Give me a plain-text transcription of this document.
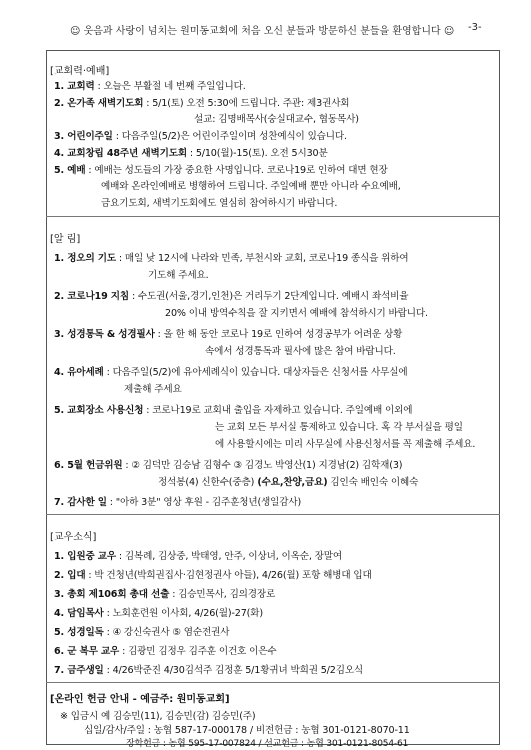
☺ 웃음과 사랑이 넘치는 원미동교회에 처음 오신 분들과 방문하신 분들을 환영합니다 ☺ -3-
[교회력·예배]
1. 교회력 : 오늘은 부활절 네 번째 주일입니다.
2. 온가족 새벽기도회 : 5/1(토) 오전 5:30에 드립니다. 주관: 제3권사회
설교: 김명배목사(숭실대교수, 협동목사)
3. 어린이주일 : 다음주일(5/2)은 어린이주일이며 성찬예식이 있습니다.
4. 교회창립 48주년 새벽기도회 : 5/10(월)-15(토). 오전 5시30분
5. 예배 : 예배는 성도들의 가장 중요한 사명입니다. 코로나19로 인하여 대면 현장
예배와 온라인예배로 병행하여 드립니다. 주일예배 뿐만 아니라 수요예배,
금요기도회, 새벽기도회에도 열심히 참여하시기 바랍니다.
[알 림]
1. 정오의 기도 : 매일 낮 12시에 나라와 민족, 부천시와 교회, 코로나19 종식을 위하여
기도해 주세요.
2. 코로나19 지침 : 수도권(서울,경기,인천)은 거리두기 2단계입니다. 예배시 좌석비율
20% 이내 방역수칙을 잘 지키면서 예배에 참석하시기 바랍니다.
3. 성경통독 & 성경필사 : 올 한 해 동안 코로나 19로 인하여 성경공부가 어려운 상황
속에서 성경통독과 필사에 많은 참여 바랍니다.
4. 유아세례 : 다음주일(5/2)에 유아세례식이 있습니다. 대상자들은 신청서를 사무실에
제출해 주세요
5. 교회장소 사용신청 : 코로나19로 교회내 출입을 자제하고 있습니다. 주일예배 이외에
는 교회 모든 부서실 통제하고 있습니다. 혹 각 부서실을 평일
에 사용할시에는 미리 사무실에 사용신청서를 꼭 제출해 주세요.
6. 5월 헌금위원 : ② 김덕만 김승남 김형수 ③ 김경노 박영산(1) 지경남(2) 김학재(3)
정석봉(4) 신한수(중층) (수요,찬양,금요) 김인숙 배인숙 이혜숙
7. 감사한 일 : "아하 3분" 영상 후원 - 김주훈청년(생일감사)
[교우소식]
1. 입원중 교우 : 김복례, 김상중, 박태영, 안주, 이상녀, 이옥순, 장말여
2. 입대 : 박 건청년(박희권집사·김현정권사 아들), 4/26(월) 포항 해병대 입대
3. 총회 제106회 총대 선출 : 김승민목사, 김의경장로
4. 담임목사 : 노회훈련원 이사회, 4/26(월)-27(화)
5. 성경일독 : ④ 강신숙권사 ⑤ 염순전권사
6. 군 복무 교우 : 김광민 김정우 김주훈 이건호 이은수
7. 금주생일 : 4/26박준진 4/30김석주 김정훈 5/1황귀녀 박희권 5/2김오식
[온라인 헌금 안내 - 예금주: 원미동교회]
※ 입금시 예 김승민(11), 김승민(감) 김승민(주)
십일/감사/주일 : 농협 587-17-000178 / 비전헌금 : 농협 301-0121-8070-11
장학헌금 : 농협 595-17-007824 / 선교헌금 : 농협 301-0121-8054-61
